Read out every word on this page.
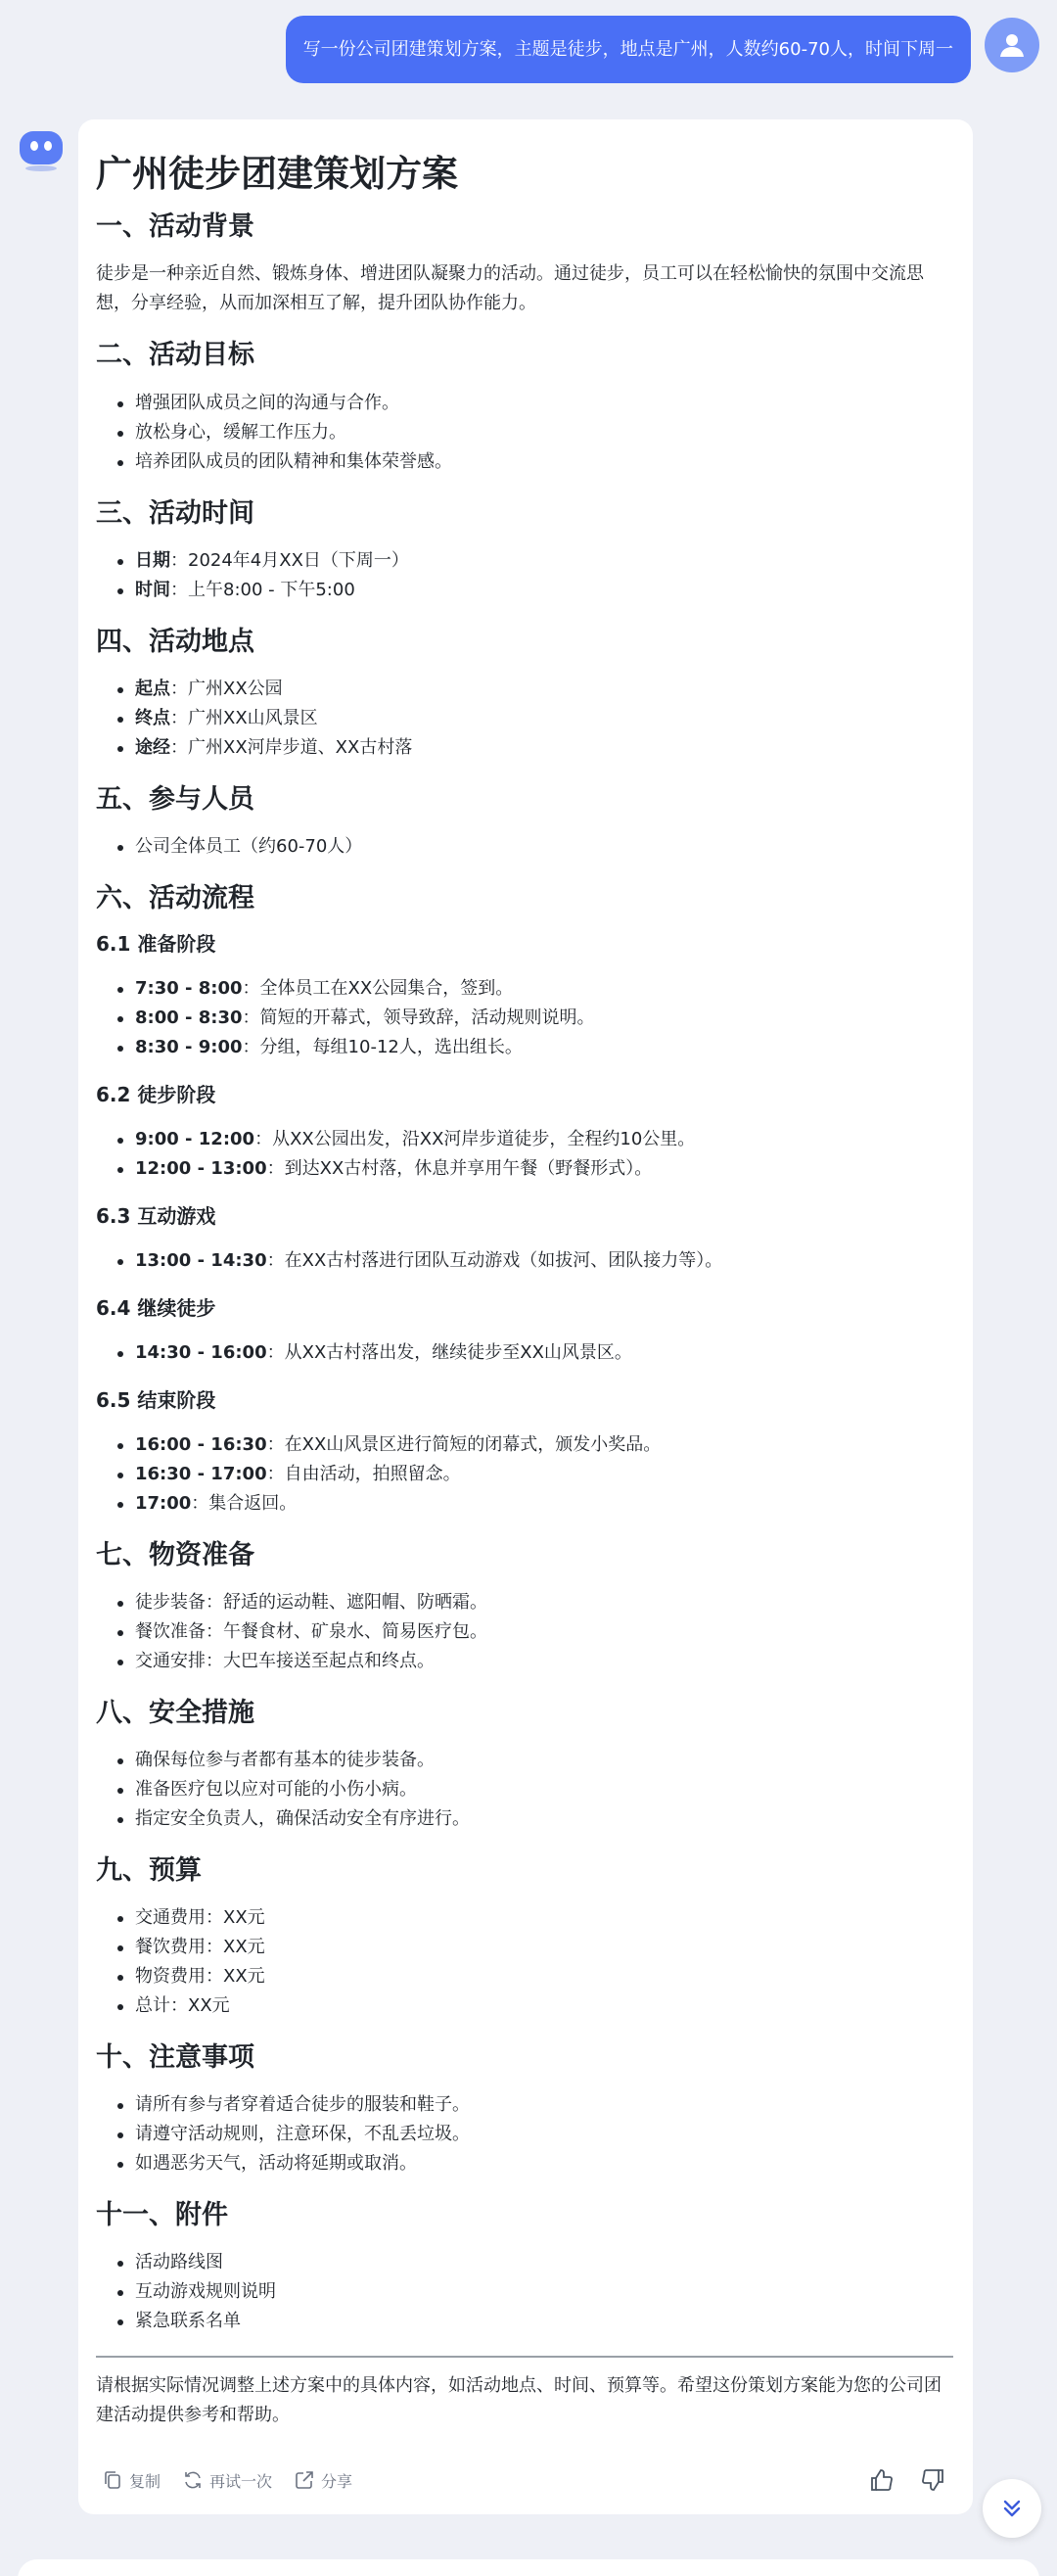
写一份公司团建策划方案，主题是徒步，地点是广州，人数约60-70人，时间下周一
广州徒步团建策划方案
一、活动背景

徒步是一种亲近自然、锻炼身体、增进团队凝聚力的活动。通过徒步，员工可以在轻松愉快的氛围中交流思想，分享经验，从而加深相互了解，提升团队协作能力。

二、活动目标
增强团队成员之间的沟通与合作。
放松身心，缓解工作压力。
培养团队成员的团队精神和集体荣誉感。
三、活动时间
日期：2024年4月XX日（下周一）
时间：上午8:00 - 下午5:00
四、活动地点
起点：广州XX公园
终点：广州XX山风景区
途经：广州XX河岸步道、XX古村落
五、参与人员
公司全体员工（约60-70人）
六、活动流程
6.1 准备阶段
7:30 - 8:00：全体员工在XX公园集合，签到。
8:00 - 8:30：简短的开幕式，领导致辞，活动规则说明。
8:30 - 9:00：分组，每组10-12人，选出组长。
6.2 徒步阶段
9:00 - 12:00：从XX公园出发，沿XX河岸步道徒步，全程约10公里。
12:00 - 13:00：到达XX古村落，休息并享用午餐（野餐形式）。
6.3 互动游戏
13:00 - 14:30：在XX古村落进行团队互动游戏（如拔河、团队接力等）。
6.4 继续徒步
14:30 - 16:00：从XX古村落出发，继续徒步至XX山风景区。
6.5 结束阶段
16:00 - 16:30：在XX山风景区进行简短的闭幕式，颁发小奖品。
16:30 - 17:00：自由活动，拍照留念。
17:00：集合返回。
七、物资准备
徒步装备：舒适的运动鞋、遮阳帽、防晒霜。
餐饮准备：午餐食材、矿泉水、简易医疗包。
交通安排：大巴车接送至起点和终点。
八、安全措施
确保每位参与者都有基本的徒步装备。
准备医疗包以应对可能的小伤小病。
指定安全负责人，确保活动安全有序进行。
九、预算
交通费用：XX元
餐饮费用：XX元
物资费用：XX元
总计：XX元
十、注意事项
请所有参与者穿着适合徒步的服装和鞋子。
请遵守活动规则，注意环保，不乱丢垃圾。
如遇恶劣天气，活动将延期或取消。
十一、附件
活动路线图
互动游戏规则说明
紧急联系名单

请根据实际情况调整上述方案中的具体内容，如活动地点、时间、预算等。希望这份策划方案能为您的公司团建活动提供参考和帮助。

复制	再试一次	分享
